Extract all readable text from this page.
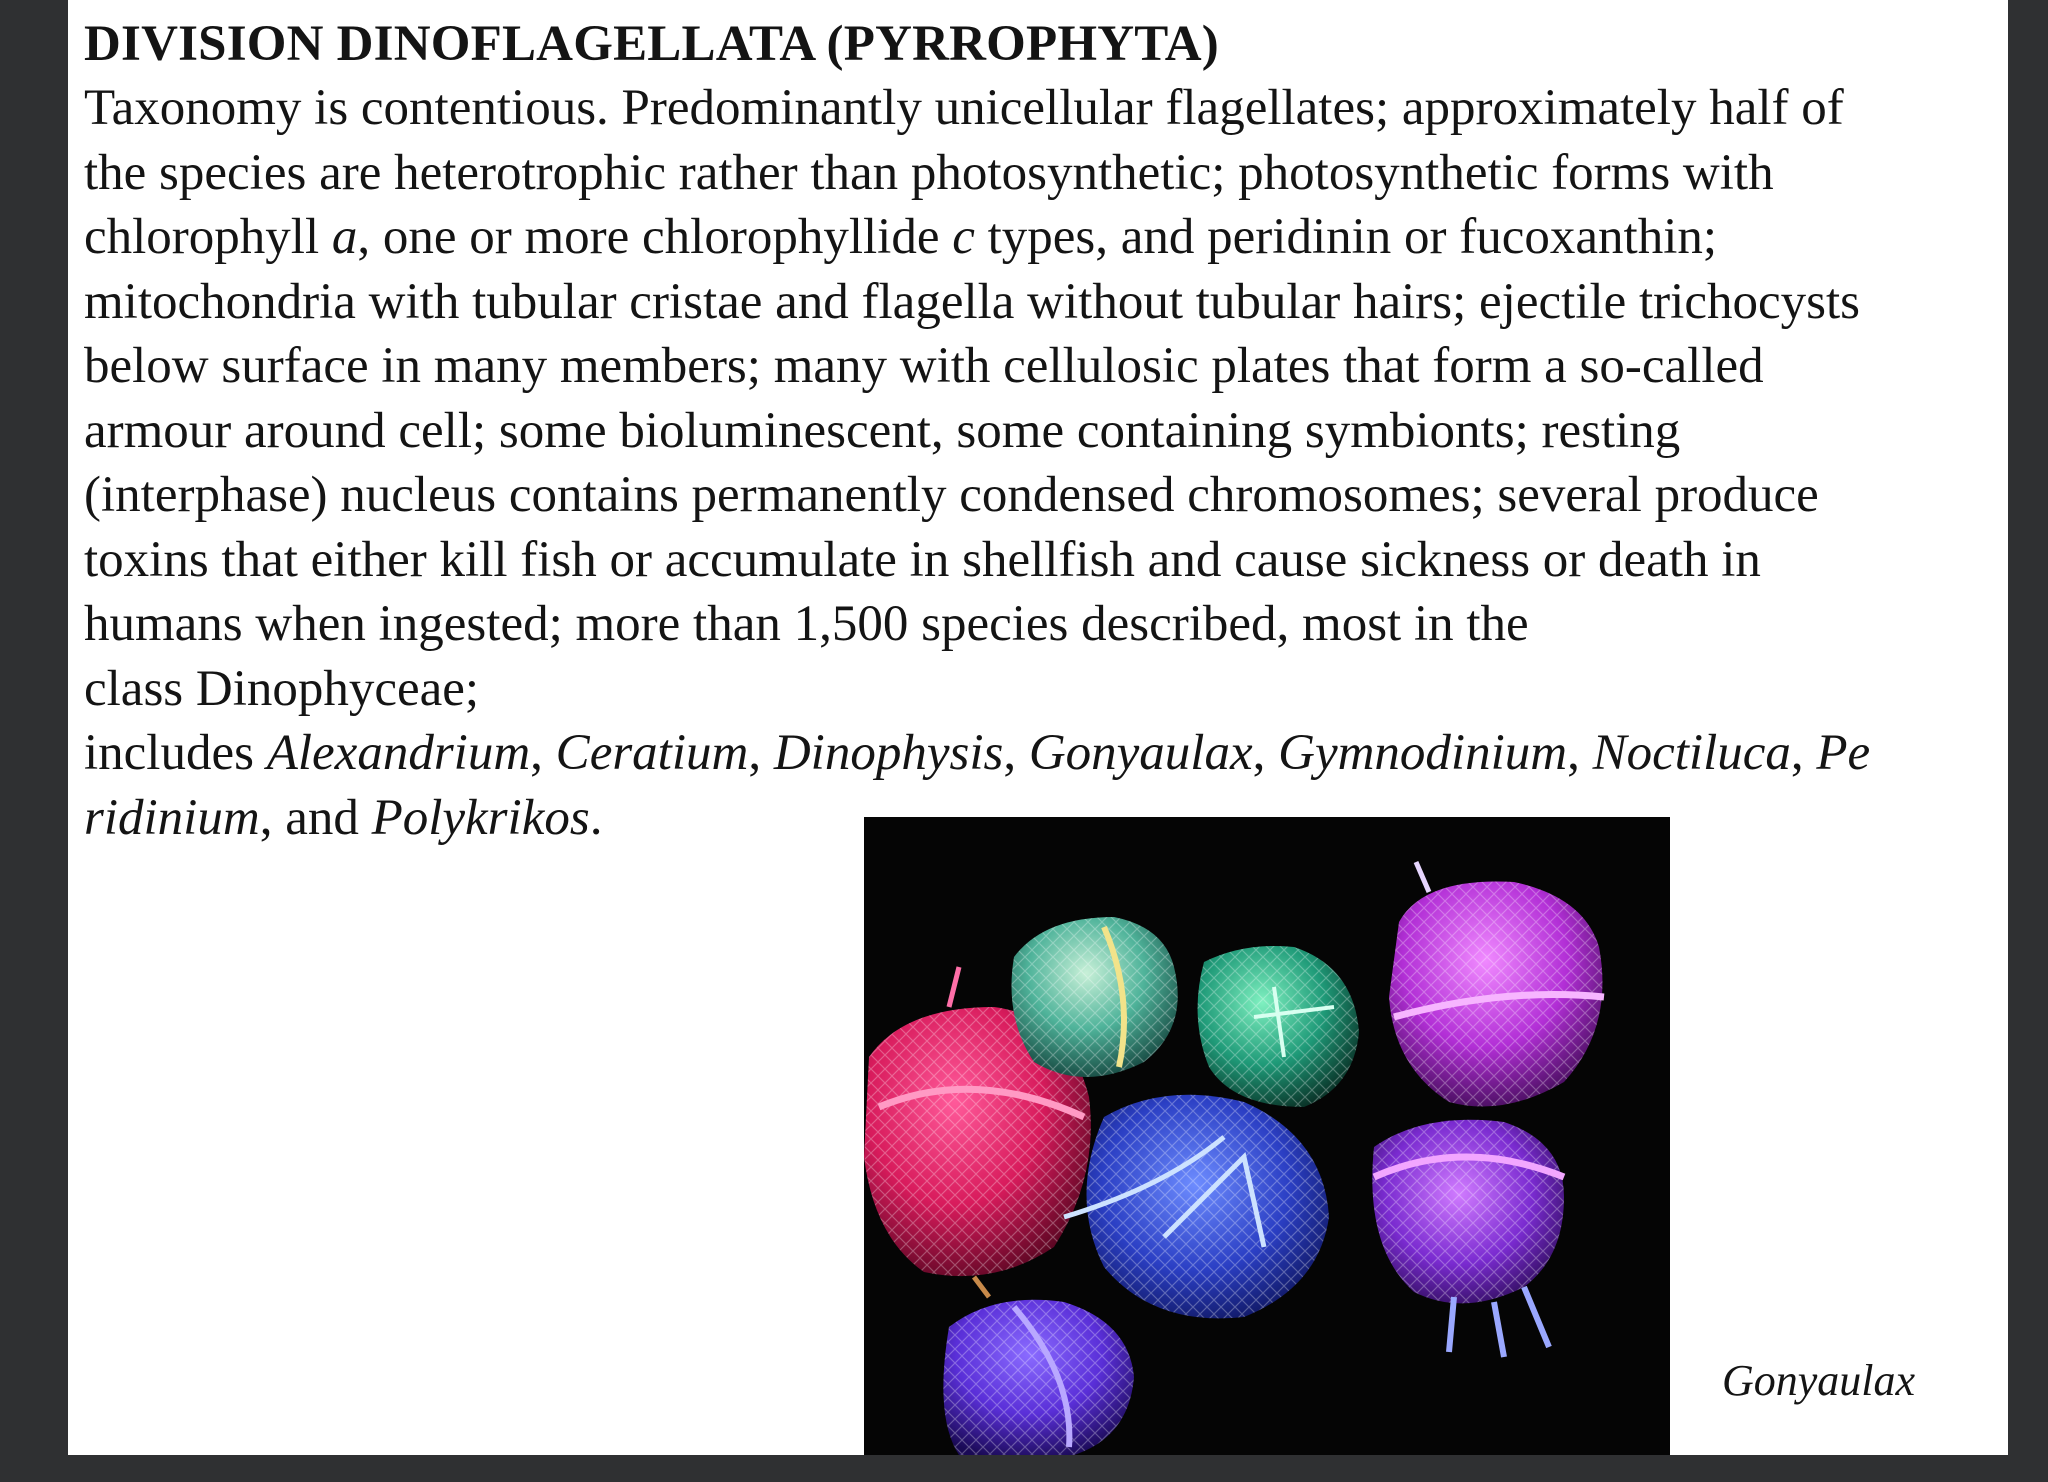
DIVISION DINOFLAGELLATA (PYRROPHYTA)

Taxonomy is contentious. Predominantly unicellular flagellates; approximately half of
the species are heterotrophic rather than photosynthetic; photosynthetic forms with
chlorophyll a, one or more chlorophyllide c types, and peridinin or fucoxanthin;
mitochondria with tubular cristae and flagella without tubular hairs; ejectile trichocysts
below surface in many members; many with cellulosic plates that form a so-called
armour around cell; some bioluminescent, some containing symbionts; resting
(interphase) nucleus contains permanently condensed chromosomes; several produce
toxins that either kill fish or accumulate in shellfish and cause sickness or death in
humans when ingested; more than 1,500 species described, most in the
class Dinophyceae;
includes Alexandrium, Ceratium, Dinophysis, Gonyaulax, Gymnodinium, Noctiluca, Pe
ridinium, and Polykrikos.

Gonyaulax
